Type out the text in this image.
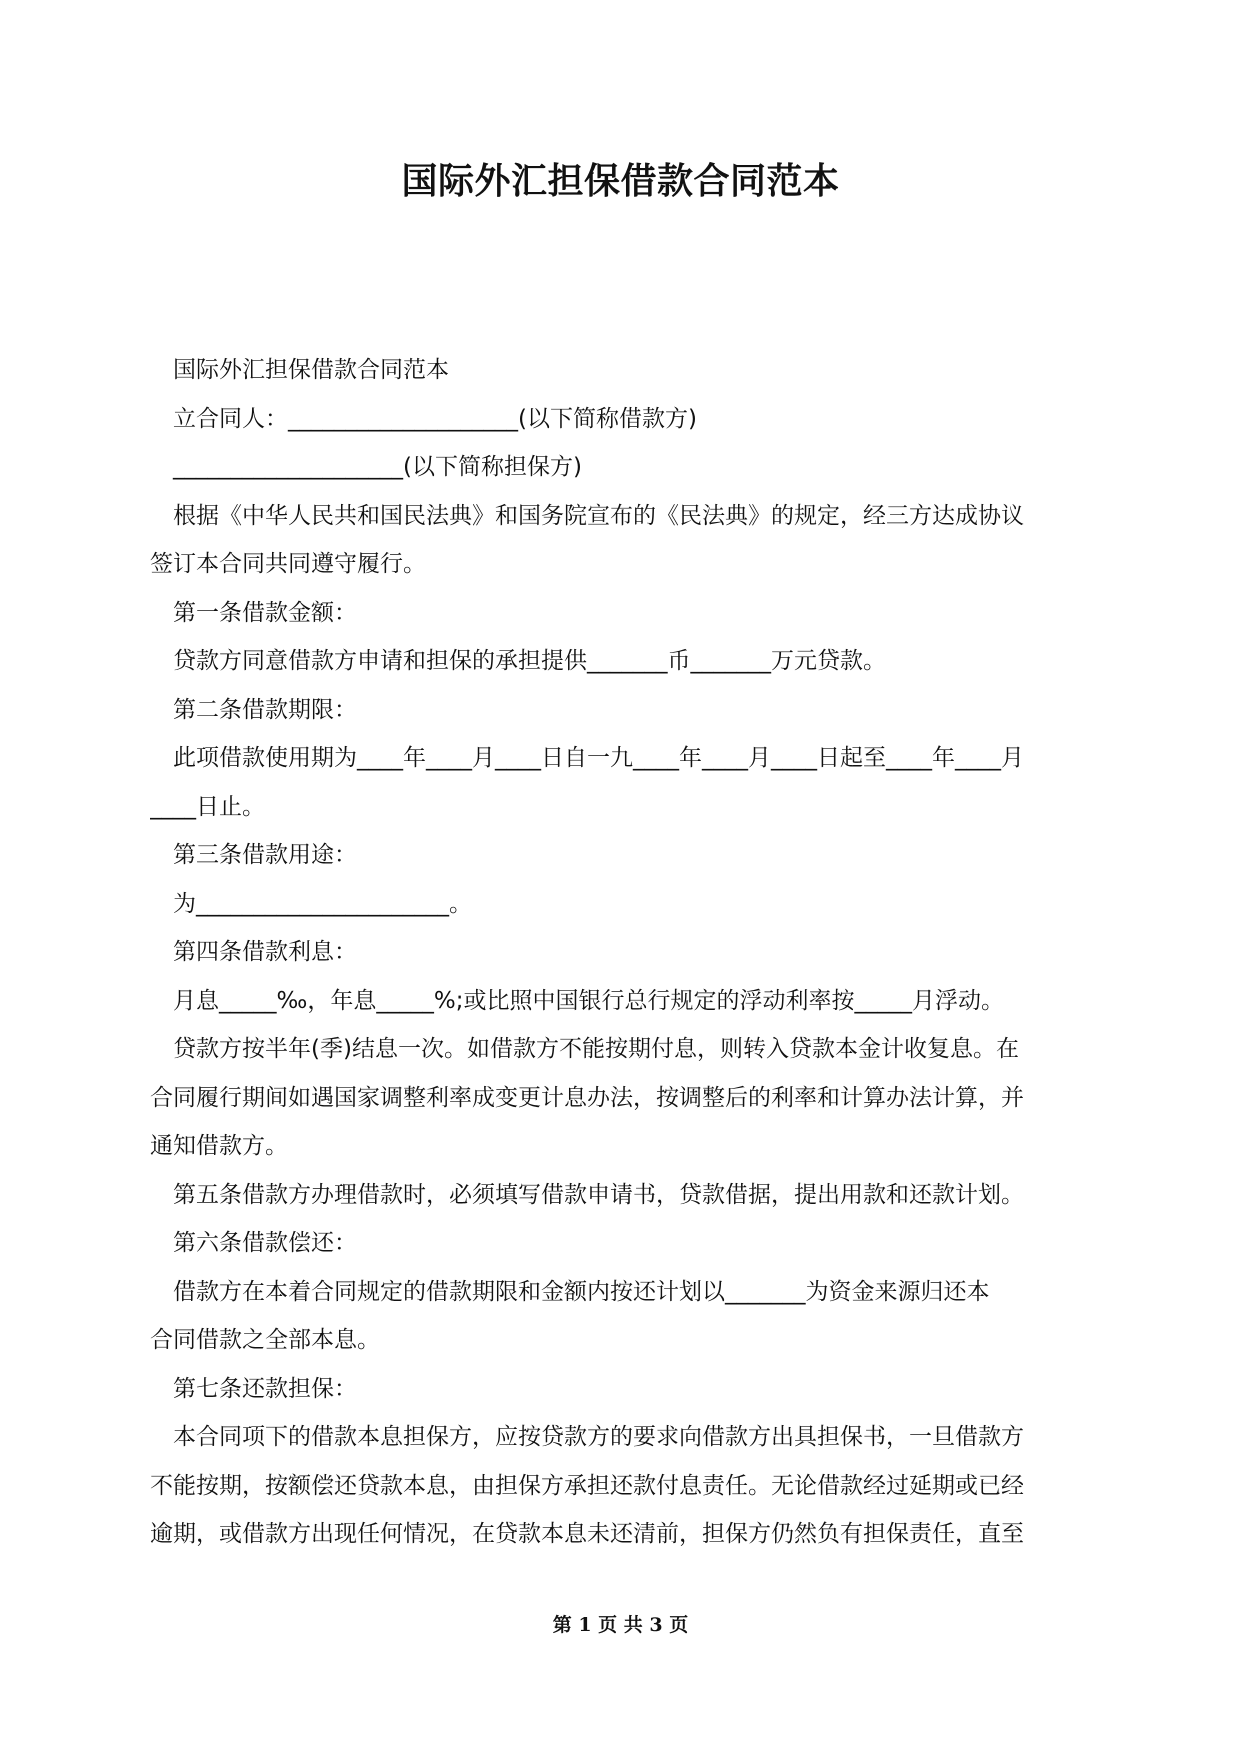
国际外汇担保借款合同范本

　国际外汇担保借款合同范本

　立合同人：____________________(以下简称借款方)

　____________________(以下简称担保方)

　根据《中华人民共和国民法典》和国务院宣布的《民法典》的规定，经三方达成协议

签订本合同共同遵守履行。

　第一条借款金额：

　贷款方同意借款方申请和担保的承担提供_______币_______万元贷款。

　第二条借款期限：

　此项借款使用期为____年____月____日自一九____年____月____日起至____年____月

____日止。

　第三条借款用途：

　为______________________。

　第四条借款利息：

　月息_____‰，年息_____%;或比照中国银行总行规定的浮动利率按_____月浮动。

　贷款方按半年(季)结息一次。如借款方不能按期付息，则转入贷款本金计收复息。在

合同履行期间如遇国家调整利率成变更计息办法，按调整后的利率和计算办法计算，并

通知借款方。

　第五条借款方办理借款时，必须填写借款申请书，贷款借据，提出用款和还款计划。

　第六条借款偿还：

　借款方在本着合同规定的借款期限和金额内按还计划以_______为资金来源归还本

合同借款之全部本息。

　第七条还款担保：

　本合同项下的借款本息担保方，应按贷款方的要求向借款方出具担保书，一旦借款方

不能按期，按额偿还贷款本息，由担保方承担还款付息责任。无论借款经过延期或已经

逾期，或借款方出现任何情况，在贷款本息未还清前，担保方仍然负有担保责任，直至

第 1 页 共 3 页
